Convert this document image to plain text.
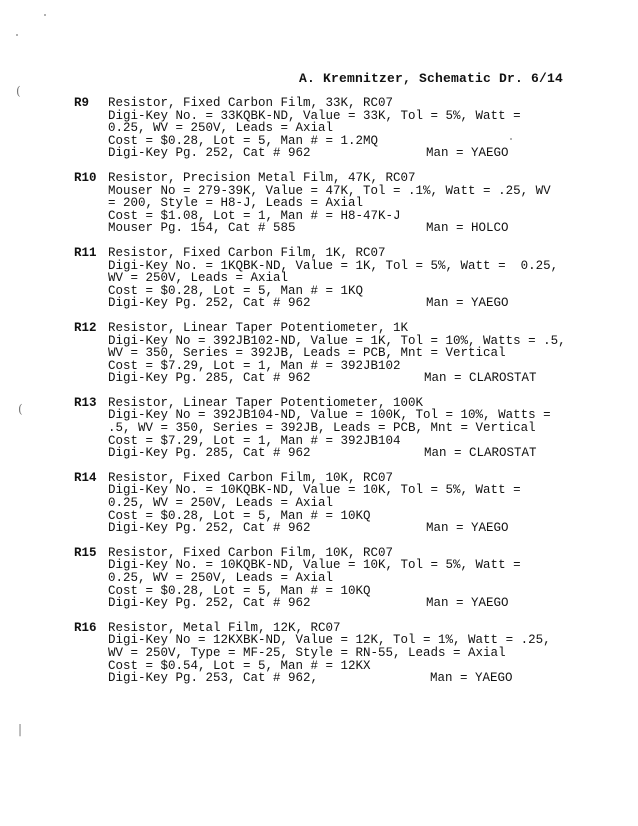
A. Kremnitzer, Schematic Dr. 6/14
(
(
|
R9	Resistor, Fixed Carbon Film, 33K, RC07
Digi-Key No. = 33KQBK-ND, Value = 33K, Tol = 5%, Watt =
0.25, WV = 250V, Leads = Axial
Cost = $0.28, Lot = 5, Man # = 1.2MQ
Digi-Key Pg. 252, Cat # 962	Man = YAEGO
R10 Resistor, Precision Metal Film, 47K, RC07
Mouser No = 279-39K, Value = 47K, Tol = .1%, Watt = .25, WV
= 200, Style = H8-J, Leads = Axial
Cost = $1.08, Lot = 1, Man # = H8-47K-J
Mouser Pg. 154, Cat # 585	Man = HOLCO
R11 Resistor, Fixed Carbon Film, 1K, RC07
Digi-Key No. = 1KQBK-ND, Value = 1K, Tol = 5%, Watt =  0.25,
WV = 250V, Leads = Axial
Cost = $0.28, Lot = 5, Man # = 1KQ
Digi-Key Pg. 252, Cat # 962	Man = YAEGO
R12 Resistor, Linear Taper Potentiometer, 1K
Digi-Key No = 392JB102-ND, Value = 1K, Tol = 10%, Watts = .5,
WV = 350, Series = 392JB, Leads = PCB, Mnt = Vertical
Cost = $7.29, Lot = 1, Man # = 392JB102
Digi-Key Pg. 285, Cat # 962	Man = CLAROSTAT
R13 Resistor, Linear Taper Potentiometer, 100K
Digi-Key No = 392JB104-ND, Value = 100K, Tol = 10%, Watts =
.5, WV = 350, Series = 392JB, Leads = PCB, Mnt = Vertical
Cost = $7.29, Lot = 1, Man # = 392JB104
Digi-Key Pg. 285, Cat # 962	Man = CLAROSTAT
R14 Resistor, Fixed Carbon Film, 10K, RC07
Digi-Key No. = 10KQBK-ND, Value = 10K, Tol = 5%, Watt =
0.25, WV = 250V, Leads = Axial
Cost = $0.28, Lot = 5, Man # = 10KQ
Digi-Key Pg. 252, Cat # 962	Man = YAEGO
R15 Resistor, Fixed Carbon Film, 10K, RC07
Digi-Key No. = 10KQBK-ND, Value = 10K, Tol = 5%, Watt =
0.25, WV = 250V, Leads = Axial
Cost = $0.28, Lot = 5, Man # = 10KQ
Digi-Key Pg. 252, Cat # 962	Man = YAEGO
R16 Resistor, Metal Film, 12K, RC07
Digi-Key No = 12KXBK-ND, Value = 12K, Tol = 1%, Watt = .25,
WV = 250V, Type = MF-25, Style = RN-55, Leads = Axial
Cost = $0.54, Lot = 5, Man # = 12KX
Digi-Key Pg. 253, Cat # 962,	Man = YAEGO
